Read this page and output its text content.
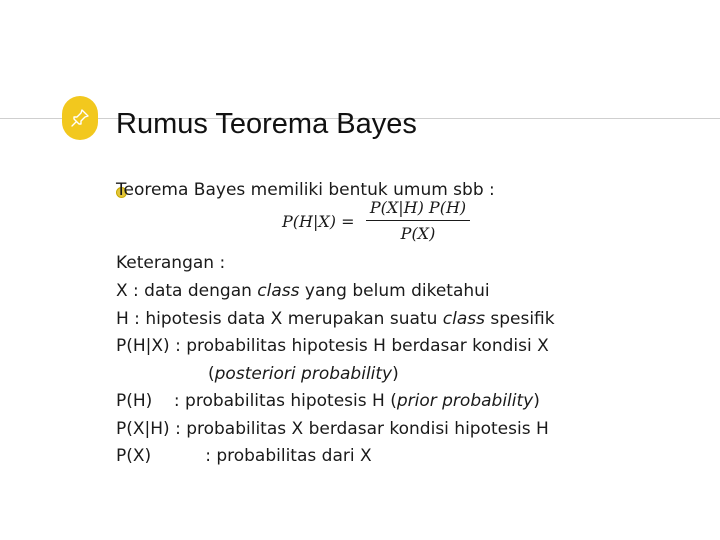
Rumus Teorema Bayes
Teorema Bayes memiliki bentuk umum sbb :
P(H|X) =
P(X|H) P(H)
P(X)
Keterangan :
X : data dengan class yang belum diketahui
H : hipotesis data X merupakan suatu class spesifik
P(H|X) : probabilitas hipotesis H berdasar kondisi X
(posteriori probability)
P(H)    : probabilitas hipotesis H (prior probability)
P(X|H) : probabilitas X berdasar kondisi hipotesis H
P(X)          : probabilitas dari X
